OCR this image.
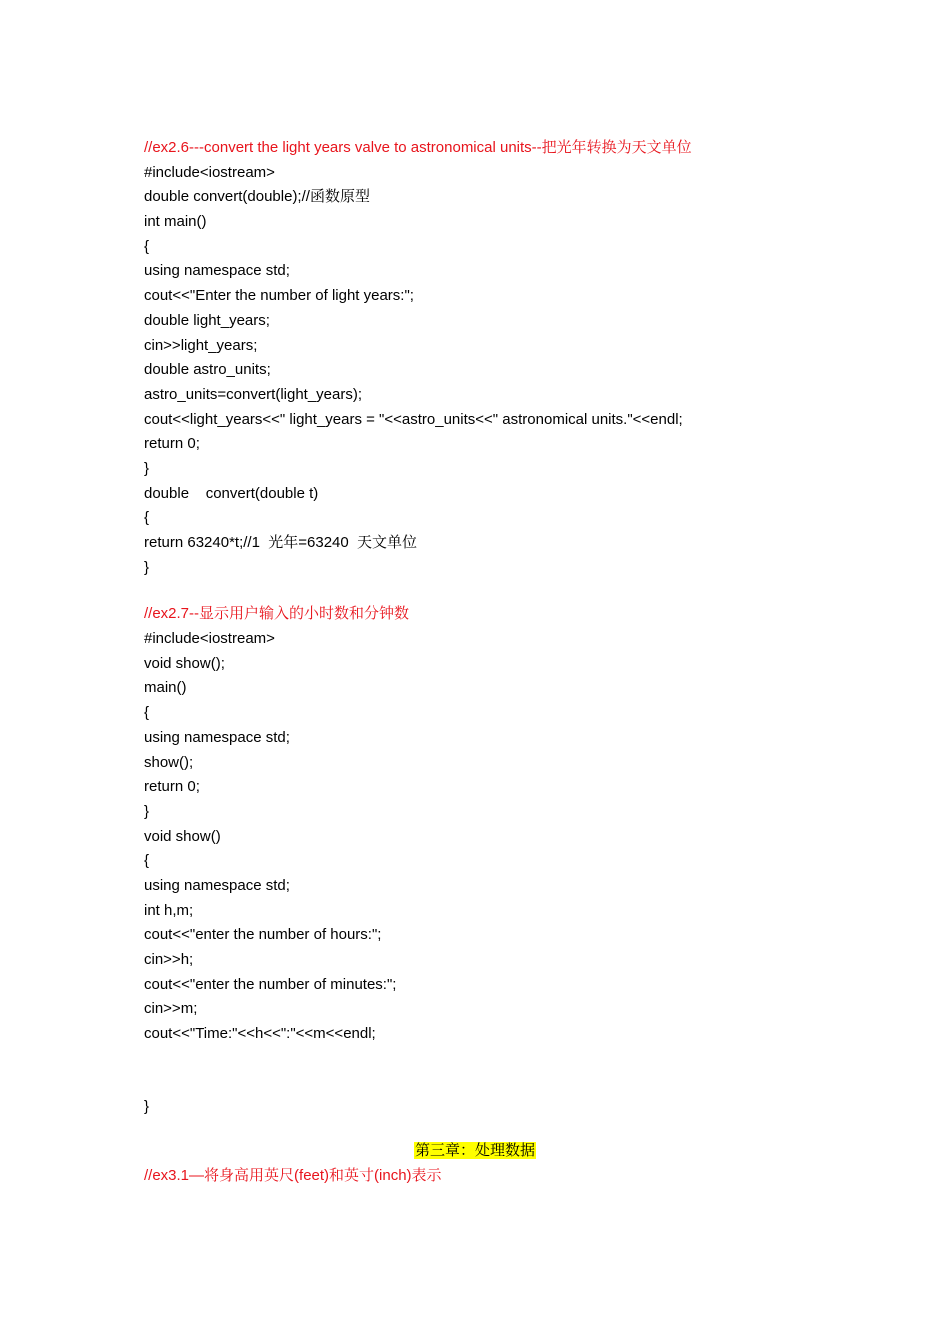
//ex2.6---convert the light years valve to astronomical units--把光年转换为天文单位
#include<iostream>
double convert(double);//函数原型
int main()
{
using namespace std;
cout<<"Enter the number of light years:";
double light_years;
cin>>light_years;
double astro_units;
astro_units=convert(light_years);
cout<<light_years<<" light_years = "<<astro_units<<" astronomical units."<<endl;
return 0;
}
double    convert(double t)
{
return 63240*t;//1  光年=63240  天文单位
}
//ex2.7--显示用户输入的小时数和分钟数
#include<iostream>
void show();
main()
{
using namespace std;
show();
return 0;
}
void show()
{
using namespace std;
int h,m;
cout<<"enter the number of hours:";
cin>>h;
cout<<"enter the number of minutes:";
cin>>m;
cout<<"Time:"<<h<<":"<<m<<endl;
}
第三章：处理数据
//ex3.1—将身高用英尺(feet)和英寸(inch)表示
